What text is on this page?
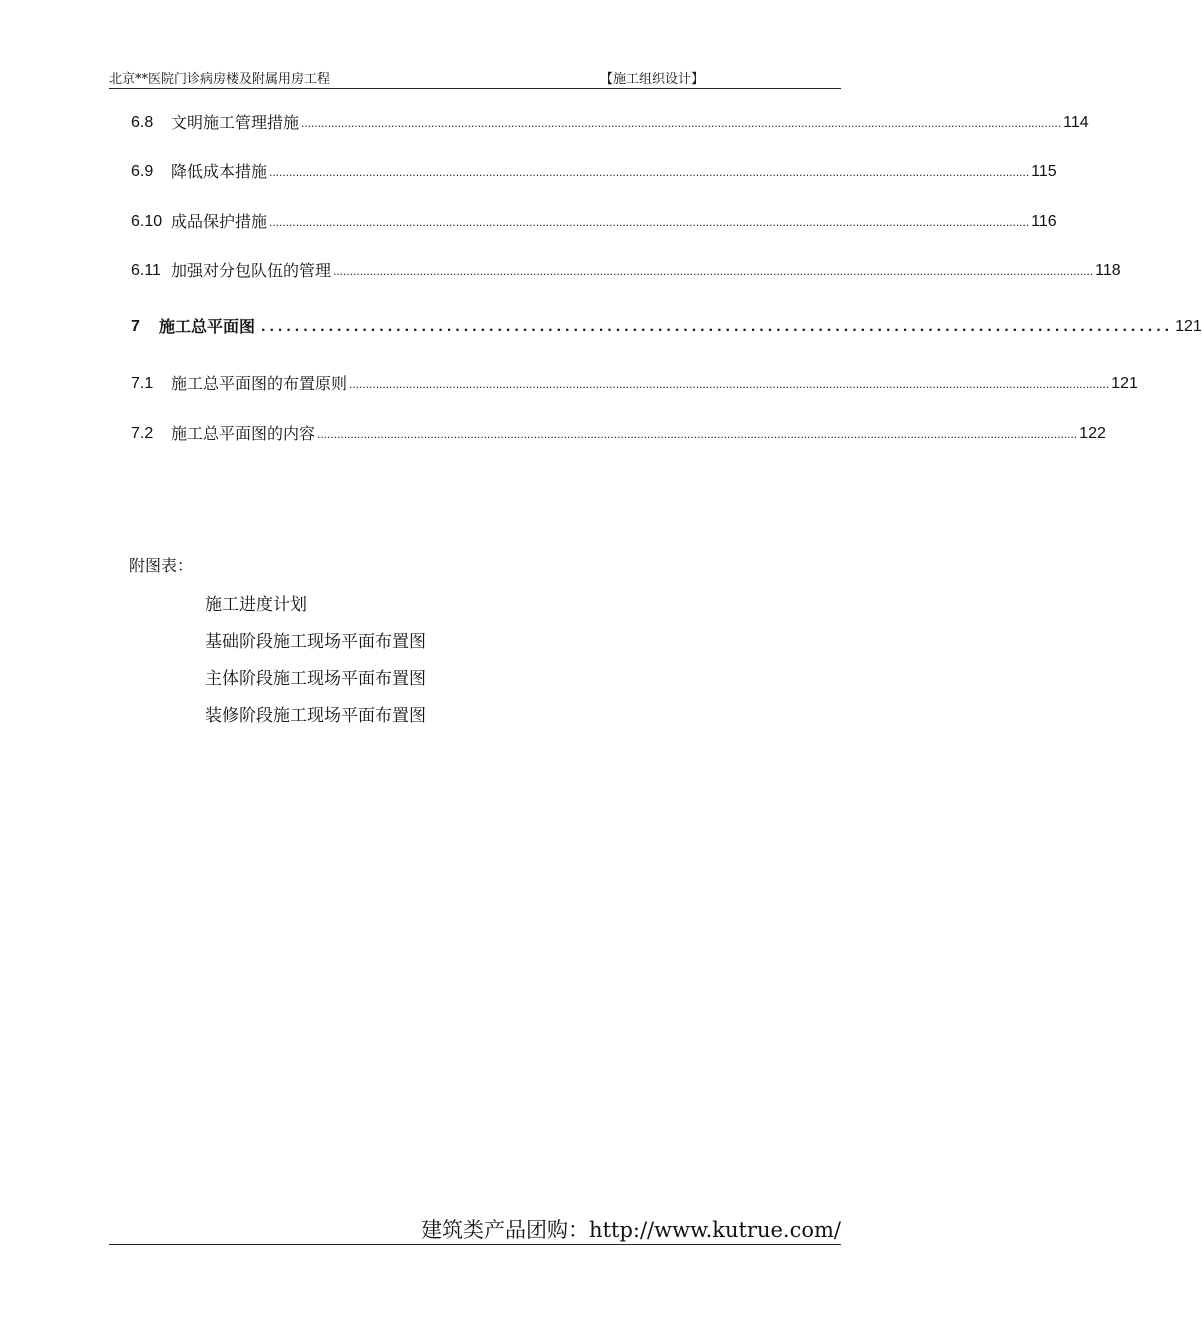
北京**医院门诊病房楼及附属用房工程	【施工组织设计】
6.8	文明施工管理措施 .................................................................................................................................................................................................................................... 114
6.9	降低成本措施 .................................................................................................................................................................................................................................... 115
6.10 成品保护措施 .................................................................................................................................................................................................................................... 116
6.11 加强对分包队伍的管理 .................................................................................................................................................................................................................................... 118
7	施工总平面图 ............................................................................................................ 121
7.1	施工总平面图的布置原则 .................................................................................................................................................................................................................................... 121
7.2	施工总平面图的内容 .................................................................................................................................................................................................................................... 122
附图表：
施工进度计划
基础阶段施工现场平面布置图
主体阶段施工现场平面布置图
装修阶段施工现场平面布置图
建筑类产品团购：http://www.kutrue.com/
